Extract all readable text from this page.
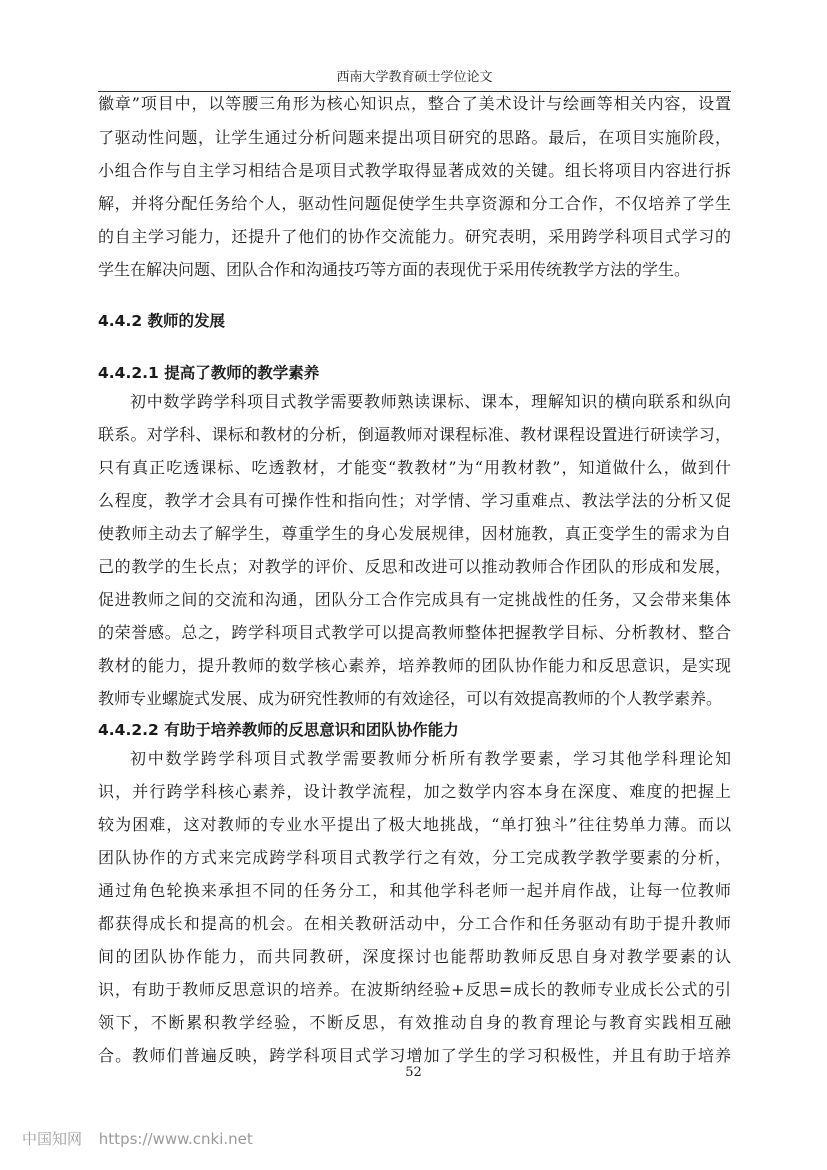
西南大学教育硕士学位论文
徽章”项目中，以等腰三角形为核心知识点，整合了美术设计与绘画等相关内容，设置
了驱动性问题，让学生通过分析问题来提出项目研究的思路。最后，在项目实施阶段，
小组合作与自主学习相结合是项目式教学取得显著成效的关键。组长将项目内容进行拆
解，并将分配任务给个人，驱动性问题促使学生共享资源和分工合作，不仅培养了学生
的自主学习能力，还提升了他们的协作交流能力。研究表明，采用跨学科项目式学习的
学生在解决问题、团队合作和沟通技巧等方面的表现优于采用传统教学方法的学生。
4.4.2 教师的发展
4.4.2.1 提高了教师的教学素养
初中数学跨学科项目式教学需要教师熟读课标、课本，理解知识的横向联系和纵向
联系。对学科、课标和教材的分析，倒逼教师对课程标准、教材课程设置进行研读学习，
只有真正吃透课标、吃透教材，才能变“教教材”为“用教材教”，知道做什么，做到什
么程度，教学才会具有可操作性和指向性；对学情、学习重难点、教法学法的分析又促
使教师主动去了解学生，尊重学生的身心发展规律，因材施教，真正变学生的需求为自
己的教学的生长点；对教学的评价、反思和改进可以推动教师合作团队的形成和发展，
促进教师之间的交流和沟通，团队分工合作完成具有一定挑战性的任务，又会带来集体
的荣誉感。总之，跨学科项目式教学可以提高教师整体把握教学目标、分析教材、整合
教材的能力，提升教师的数学核心素养，培养教师的团队协作能力和反思意识，是实现
教师专业螺旋式发展、成为研究性教师的有效途径，可以有效提高教师的个人教学素养。
4.4.2.2 有助于培养教师的反思意识和团队协作能力
初中数学跨学科项目式教学需要教师分析所有教学要素，学习其他学科理论知
识，并行跨学科核心素养，设计教学流程，加之数学内容本身在深度、难度的把握上
较为困难，这对教师的专业水平提出了极大地挑战，“单打独斗”往往势单力薄。而以
团队协作的方式来完成跨学科项目式教学行之有效，分工完成教学教学要素的分析，
通过角色轮换来承担不同的任务分工，和其他学科老师一起并肩作战，让每一位教师
都获得成长和提高的机会。在相关教研活动中，分工合作和任务驱动有助于提升教师
间的团队协作能力，而共同教研，深度探讨也能帮助教师反思自身对教学要素的认
识，有助于教师反思意识的培养。在波斯纳经验+反思=成长的教师专业成长公式的引
领下，不断累积教学经验，不断反思，有效推动自身的教育理论与教育实践相互融
合。教师们普遍反映，跨学科项目式学习增加了学生的学习积极性，并且有助于培养
52
中国知网 https://www.cnki.net
